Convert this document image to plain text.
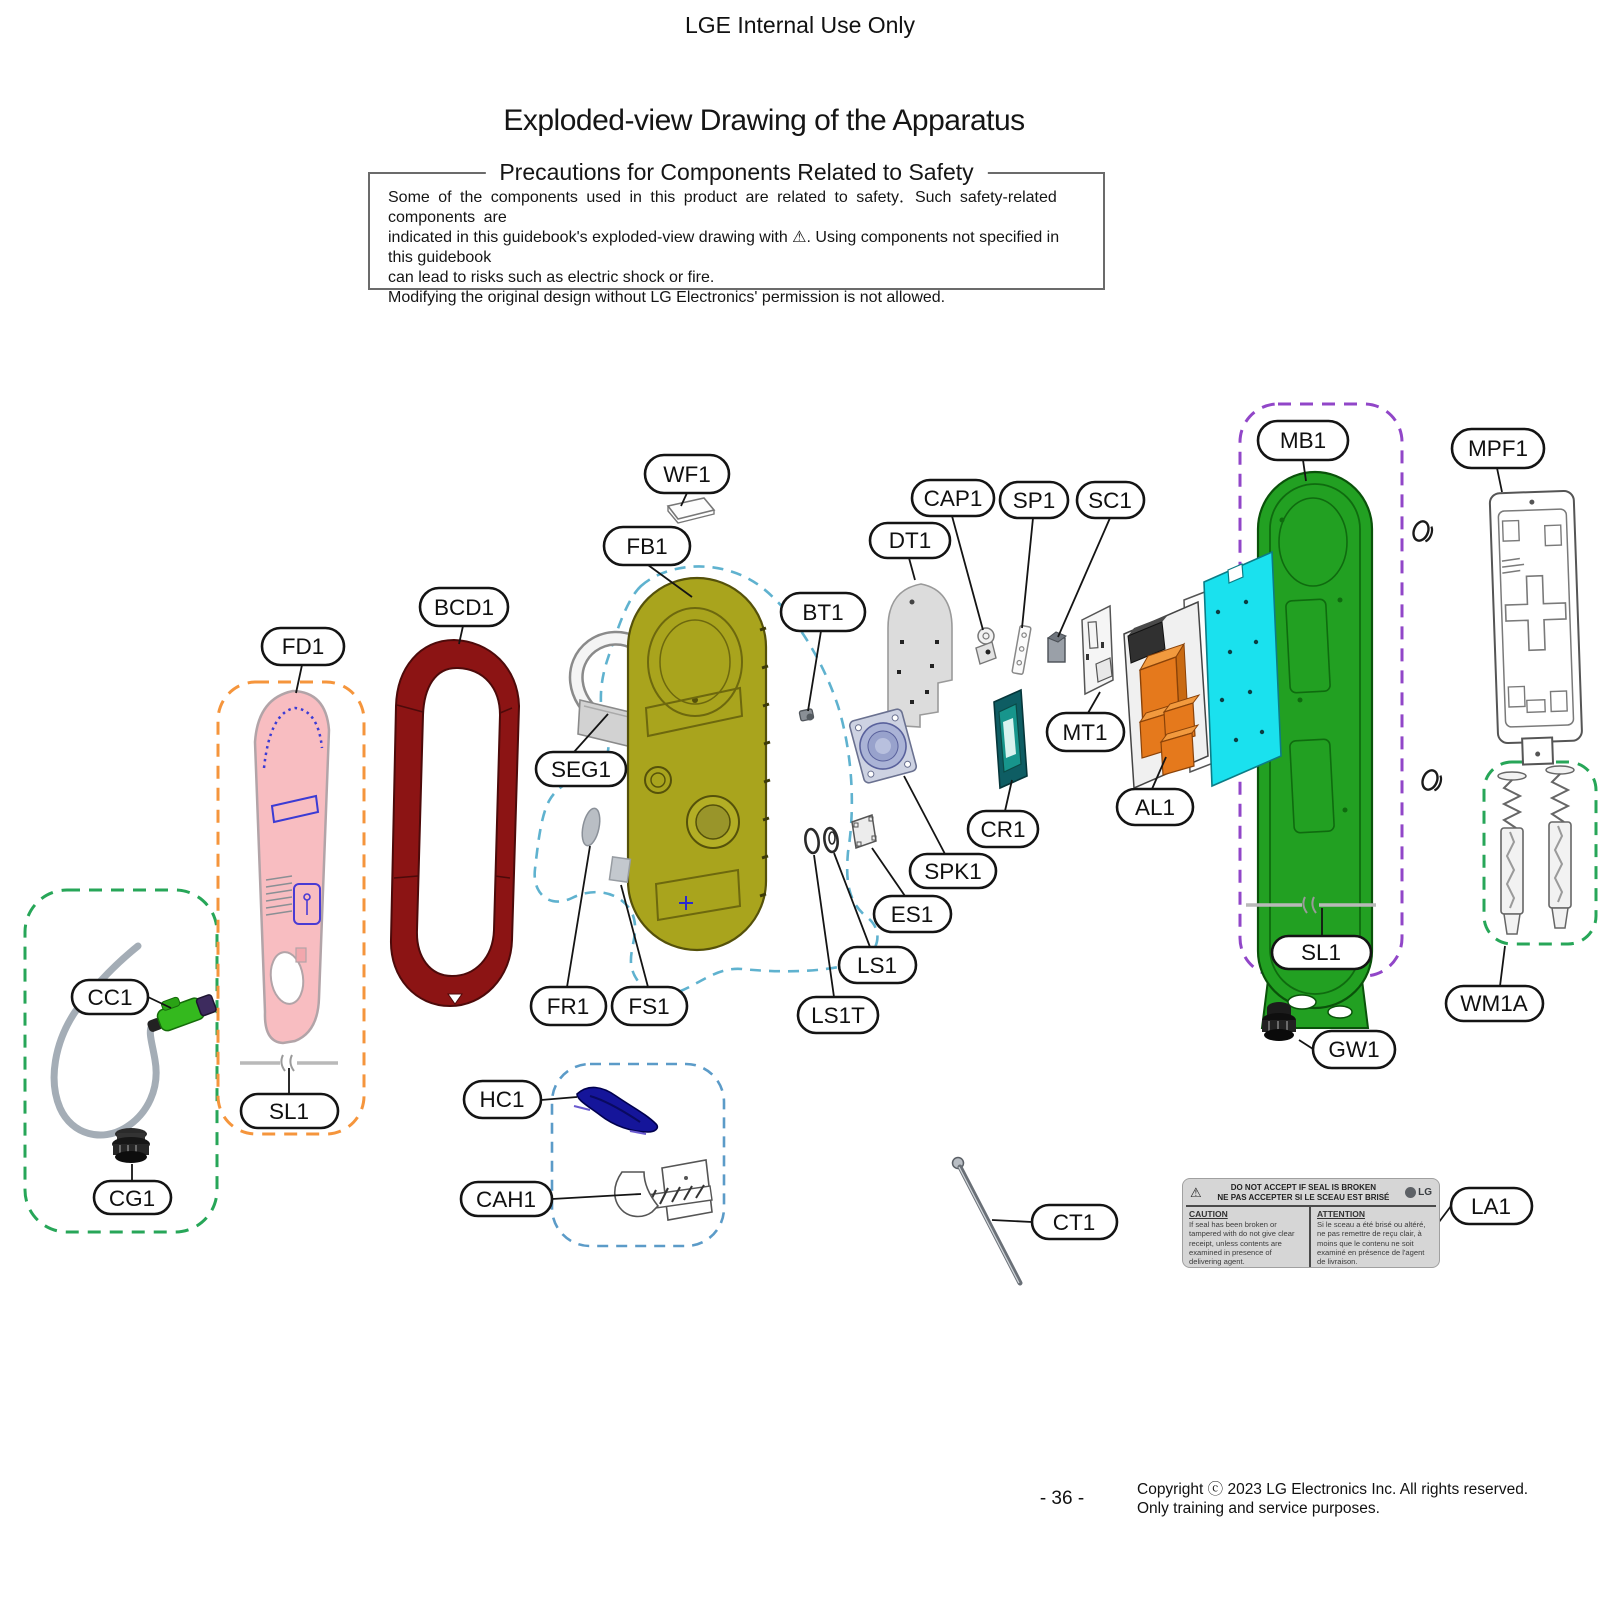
LGE Internal Use Only
Exploded-view Drawing of the Apparatus
Precautions for Components Related to Safety
Some of the components used in this product are related to safety．Such safety-related components are
indicated in this guidebook's exploded-view drawing with ⚠. Using components not specified in this guidebook
can lead to risks such as electric shock or fire.
Modifying the original design without LG Electronics' permission is not allowed.
WF1
FB1
BCD1
FD1
SEG1
CAP1 SP1 SC1
DT1
BT1
MT1
AL1
MB1	MPF1
CR1
SPK1
ES1
LS1
LS1T
FR1 FS1
CC1
SL1
CG1
HC1
CAH1
CT1
GW1
SL1
WM1A
LA1
⚠	DO NOT ACCEPT IF SEAL IS BROKEN
NE PAS ACCEPTER SI LE SCEAU EST BRISÉ	LG

CAUTION

If seal has been broken or tampered with do not give clear receipt, unless contents are examined in presence of delivering agent.

ATTENTION

Si le sceau a été brisé ou altéré, ne pas remettre de reçu clair, à moins que le contenu ne soit examiné en présence de l'agent de livraison.

- 36 -	Copyright ⓒ 2023 LG Electronics Inc. All rights reserved.
Only training and service purposes.
